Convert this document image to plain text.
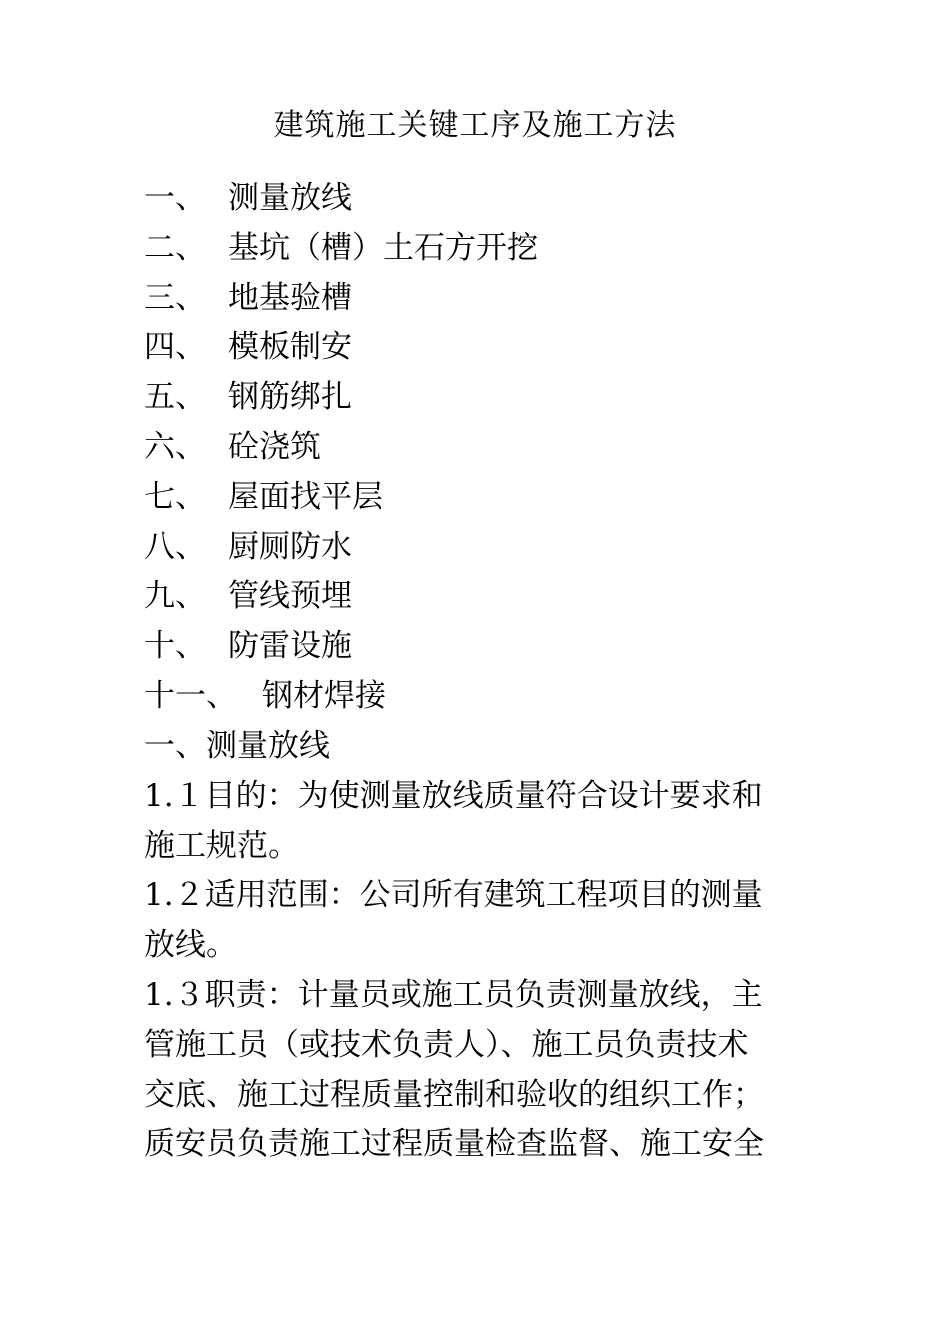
建筑施工关键工序及施工方法
一、 测量放线
二、 基坑（槽）土石方开挖
三、 地基验槽
四、 模板制安
五、 钢筋绑扎
六、 砼浇筑
七、 屋面找平层
八、 厨厕防水
九、 管线预埋
十、 防雷设施
十一、 钢材焊接
一、测量放线
1.１目的：为使测量放线质量符合设计要求和
施工规范。
1.２适用范围：公司所有建筑工程项目的测量
放线。
1.３职责：计量员或施工员负责测量放线，主
管施工员（或技术负责人）、施工员负责技术
交底、施工过程质量控制和验收的组织工作；
质安员负责施工过程质量检查监督、施工安全
